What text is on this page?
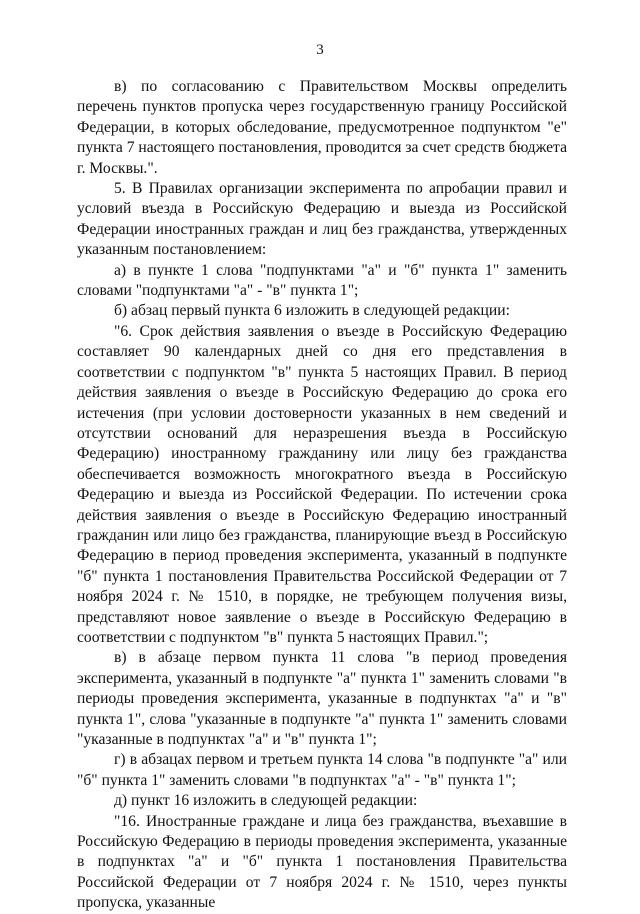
3

в) по согласованию с Правительством Москвы определить перечень пунктов пропуска через государственную границу Российской Федерации, в которых обследование, предусмотренное подпунктом "е" пункта 7 настоящего постановления, проводится за счет средств бюджета г. Москвы.".

5. В Правилах организации эксперимента по апробации правил и условий въезда в Российскую Федерацию и выезда из Российской Федерации иностранных граждан и лиц без гражданства, утвержденных указанным постановлением:

а) в пункте 1 слова "подпунктами "а" и "б" пункта 1" заменить словами "подпунктами "а" - "в" пункта 1";

б) абзац первый пункта 6 изложить в следующей редакции:

"6. Срок действия заявления о въезде в Российскую Федерацию составляет 90 календарных дней со дня его представления в соответствии с подпунктом "в" пункта 5 настоящих Правил. В период действия заявления о въезде в Российскую Федерацию до срока его истечения (при условии достоверности указанных в нем сведений и отсутствии оснований для неразрешения въезда в Российскую Федерацию) иностранному гражданину или лицу без гражданства обеспечивается возможность многократного въезда в Российскую Федерацию и выезда из Российской Федерации. По истечении срока действия заявления о въезде в Российскую Федерацию иностранный гражданин или лицо без гражданства, планирующие въезд в Российскую Федерацию в период проведения эксперимента, указанный в подпункте "б" пункта 1 постановления Правительства Российской Федерации от 7 ноября 2024 г. № 1510, в порядке, не требующем получения визы, представляют новое заявление о въезде в Российскую Федерацию в соответствии с подпунктом "в" пункта 5 настоящих Правил.";

в) в абзаце первом пункта 11 слова "в период проведения эксперимента, указанный в подпункте "а" пункта 1" заменить словами "в периоды проведения эксперимента, указанные в подпунктах "а" и "в" пункта 1", слова "указанные в подпункте "а" пункта 1" заменить словами "указанные в подпунктах "а" и "в" пункта 1";

г) в абзацах первом и третьем пункта 14 слова "в подпункте "а" или "б" пункта 1" заменить словами "в подпунктах "а" - "в" пункта 1";

д) пункт 16 изложить в следующей редакции:

"16. Иностранные граждане и лица без гражданства, въехавшие в Российскую Федерацию в периоды проведения эксперимента, указанные в подпунктах "а" и "б" пункта 1 постановления Правительства Российской Федерации от 7 ноября 2024 г. № 1510, через пункты пропуска, указанные
